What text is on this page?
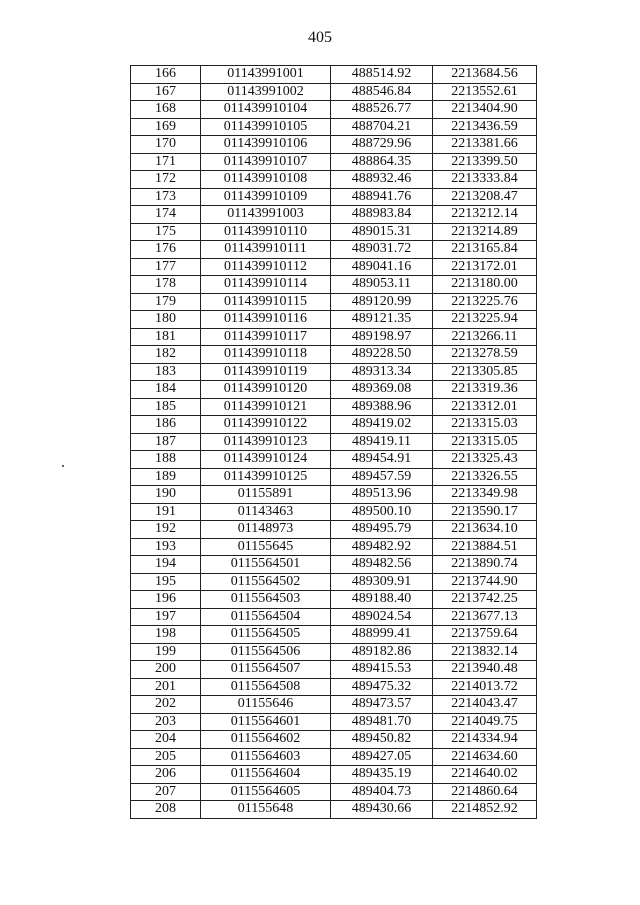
405
166	01143991001	488514.92	2213684.56
167	01143991002	488546.84	2213552.61
168	011439910104	488526.77	2213404.90
169	011439910105	488704.21	2213436.59
170	011439910106	488729.96	2213381.66
171	011439910107	488864.35	2213399.50
172	011439910108	488932.46	2213333.84
173	011439910109	488941.76	2213208.47
174	01143991003	488983.84	2213212.14
175	011439910110	489015.31	2213214.89
176	011439910111	489031.72	2213165.84
177	011439910112	489041.16	2213172.01
178	011439910114	489053.11	2213180.00
179	011439910115	489120.99	2213225.76
180	011439910116	489121.35	2213225.94
181	011439910117	489198.97	2213266.11
182	011439910118	489228.50	2213278.59
183	011439910119	489313.34	2213305.85
184	011439910120	489369.08	2213319.36
185	011439910121	489388.96	2213312.01
186	011439910122	489419.02	2213315.03
187	011439910123	489419.11	2213315.05
188	011439910124	489454.91	2213325.43
189	011439910125	489457.59	2213326.55
190	01155891	489513.96	2213349.98
191	01143463	489500.10	2213590.17
192	01148973	489495.79	2213634.10
193	01155645	489482.92	2213884.51
194	0115564501	489482.56	2213890.74
195	0115564502	489309.91	2213744.90
196	0115564503	489188.40	2213742.25
197	0115564504	489024.54	2213677.13
198	0115564505	488999.41	2213759.64
199	0115564506	489182.86	2213832.14
200	0115564507	489415.53	2213940.48
201	0115564508	489475.32	2214013.72
202	01155646	489473.57	2214043.47
203	0115564601	489481.70	2214049.75
204	0115564602	489450.82	2214334.94
205	0115564603	489427.05	2214634.60
206	0115564604	489435.19	2214640.02
207	0115564605	489404.73	2214860.64
208	01155648	489430.66	2214852.92
